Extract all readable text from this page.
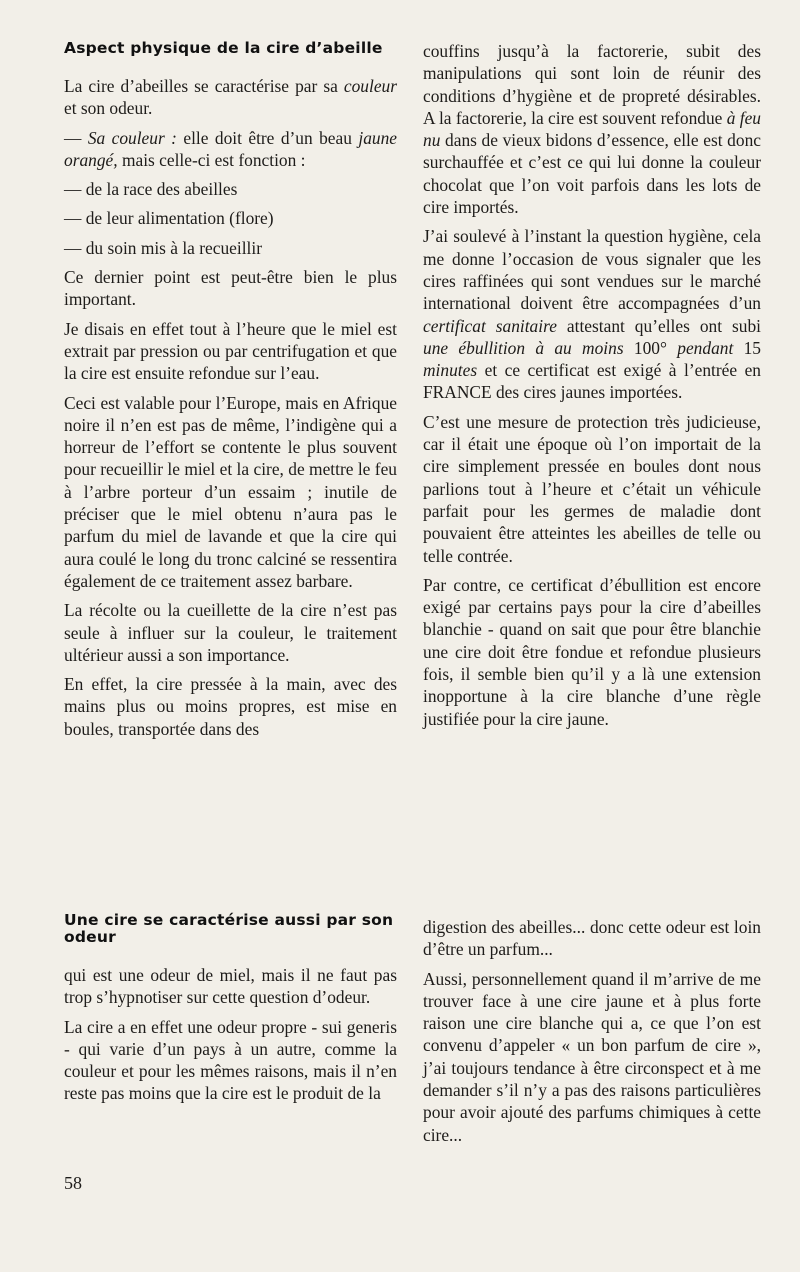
Aspect physique de la cire d’abeille

La cire d’abeilles se caractérise par sa couleur et son odeur.

— Sa couleur : elle doit être d’un beau jaune orangé, mais celle-ci est fonction :

— de la race des abeilles

— de leur alimentation (flore)

— du soin mis à la recueillir

Ce dernier point est peut-être bien le plus important.

Je disais en effet tout à l’heure que le miel est extrait par pression ou par centrifugation et que la cire est ensuite refondue sur l’eau.

Ceci est valable pour l’Europe, mais en Afrique noire il n’en est pas de même, l’indigène qui a horreur de l’effort se contente le plus souvent pour recueillir le miel et la cire, de mettre le feu à l’arbre porteur d’un essaim ; inutile de préciser que le miel obtenu n’aura pas le parfum du miel de lavande et que la cire qui aura coulé le long du tronc calciné se ressentira également de ce traitement assez barbare.

La récolte ou la cueillette de la cire n’est pas seule à influer sur la couleur, le traitement ultérieur aussi a son importance.

En effet, la cire pressée à la main, avec des mains plus ou moins propres, est mise en boules, transportée dans des

couffins jusqu’à la factorerie, subit des manipulations qui sont loin de réunir des conditions d’hygiène et de propreté désirables. A la factorerie, la cire est souvent refondue à feu nu dans de vieux bidons d’essence, elle est donc surchauffée et c’est ce qui lui donne la couleur chocolat que l’on voit parfois dans les lots de cire importés.

J’ai soulevé à l’instant la question hygiène, cela me donne l’occasion de vous signaler que les cires raffinées qui sont vendues sur le marché international doivent être accompagnées d’un certificat sanitaire attestant qu’elles ont subi une ébullition à au moins 100° pendant 15 minutes et ce certificat est exigé à l’entrée en FRANCE des cires jaunes importées.

C’est une mesure de protection très judicieuse, car il était une époque où l’on importait de la cire simplement pressée en boules dont nous parlions tout à l’heure et c’était un véhicule parfait pour les germes de maladie dont pouvaient être atteintes les abeilles de telle ou telle contrée.

Par contre, ce certificat d’ébullition est encore exigé par certains pays pour la cire d’abeilles blanchie - quand on sait que pour être blanchie une cire doit être fondue et refondue plusieurs fois, il semble bien qu’il y a là une extension inopportune à la cire blanche d’une règle justifiée pour la cire jaune.

Une cire se caractérise aussi par son odeur

qui est une odeur de miel, mais il ne faut pas trop s’hypnotiser sur cette question d’odeur.

La cire a en effet une odeur propre - sui generis - qui varie d’un pays à un autre, comme la couleur et pour les mêmes raisons, mais il n’en reste pas moins que la cire est le produit de la

digestion des abeilles... donc cette odeur est loin d’être un parfum...

Aussi, personnellement quand il m’arrive de me trouver face à une cire jaune et à plus forte raison une cire blanche qui a, ce que l’on est convenu d’appeler « un bon parfum de cire », j’ai toujours tendance à être circonspect et à me demander s’il n’y a pas des raisons particulières pour avoir ajouté des parfums chimiques à cette cire...

58
